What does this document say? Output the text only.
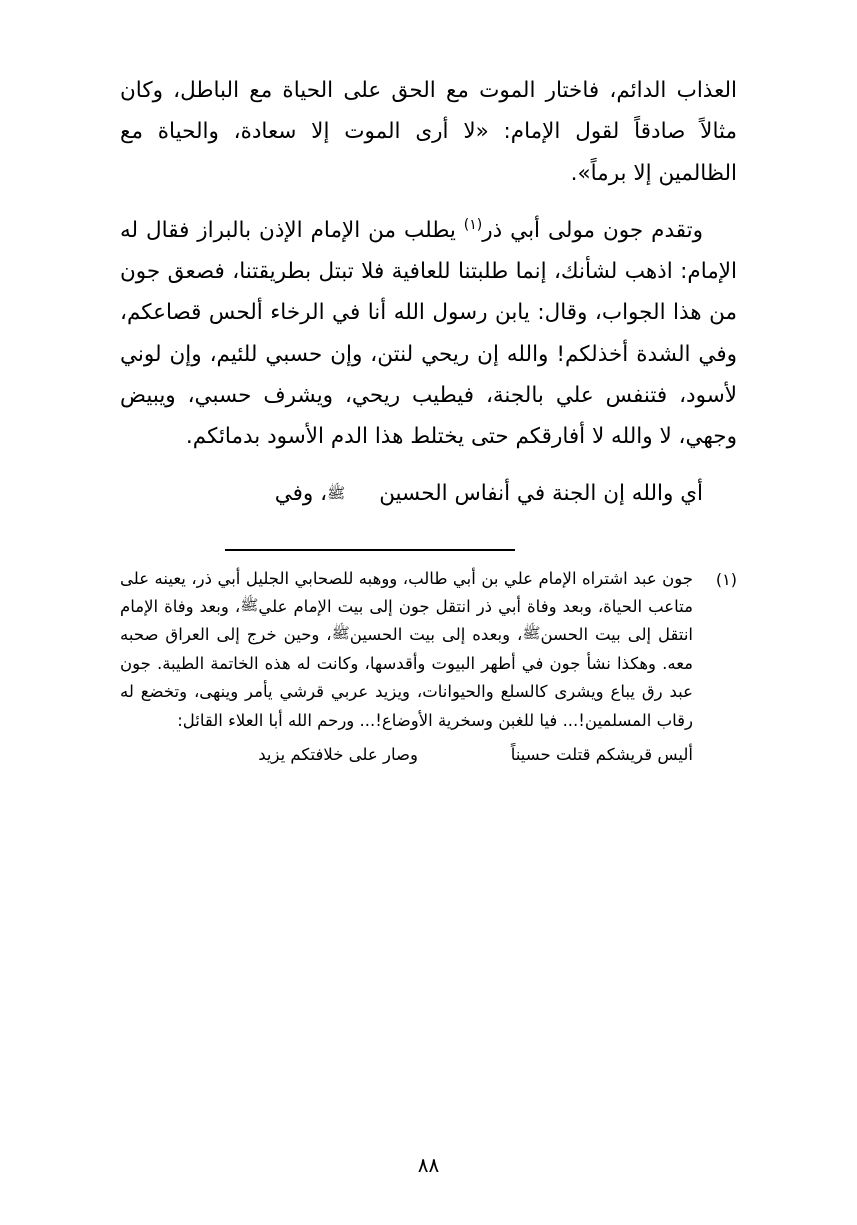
العذاب الدائم، فاختار الموت مع الحق على الحياة مع الباطل، وكان مثالاً صادقاً لقول الإمام: «لا أرى الموت إلا سعادة، والحياة مع الظالمين إلا برماً».

وتقدم جون مولى أبي ذر$^{(١)}$ يطلب من الإمام الإذن بالبراز فقال له الإمام: اذهب لشأنك، إنما طلبتنا للعافية فلا تبتل بطريقتنا، فصعق جون من هذا الجواب، وقال: يابن رسول الله أنا في الرخاء ألحس قصاعكم، وفي الشدة أخذلكم! والله إن ريحي لنتن، وإن حسبي للئيم، وإن لوني لأسود، فتنفس علي بالجنة، فيطيب ريحي، ويشرف حسبي، ويبيض وجهي، لا والله لا أفارقكم حتى يختلط هذا الدم الأسود بدمائكم.

أي والله إن الجنة في أنفاس الحسينﷺ، وفي

(١)

جون عبد اشتراه الإمام علي بن أبي طالب، ووهبه للصحابي الجليل أبي ذر، يعينه على متاعب الحياة، وبعد وفاة أبي ذر انتقل جون إلى بيت الإمام عليﷺ، وبعد وفاة الإمام انتقل إلى بيت الحسنﷺ، وبعده إلى بيت الحسينﷺ، وحين خرج إلى العراق صحبه معه. وهكذا نشأ جون في أطهر البيوت وأقدسها، وكانت له هذه الخاتمة الطيبة. جون عبد رق يباع ويشرى كالسلع والحيوانات، ويزيد عربي قرشي يأمر وينهى، وتخضع له رقاب المسلمين!... فيا للغبن وسخرية الأوضاع!... ورحم الله أبا العلاء القائل:

أليس قريشكم قتلت حسيناً
وصار على خلافتكم يزيد
٨٨
